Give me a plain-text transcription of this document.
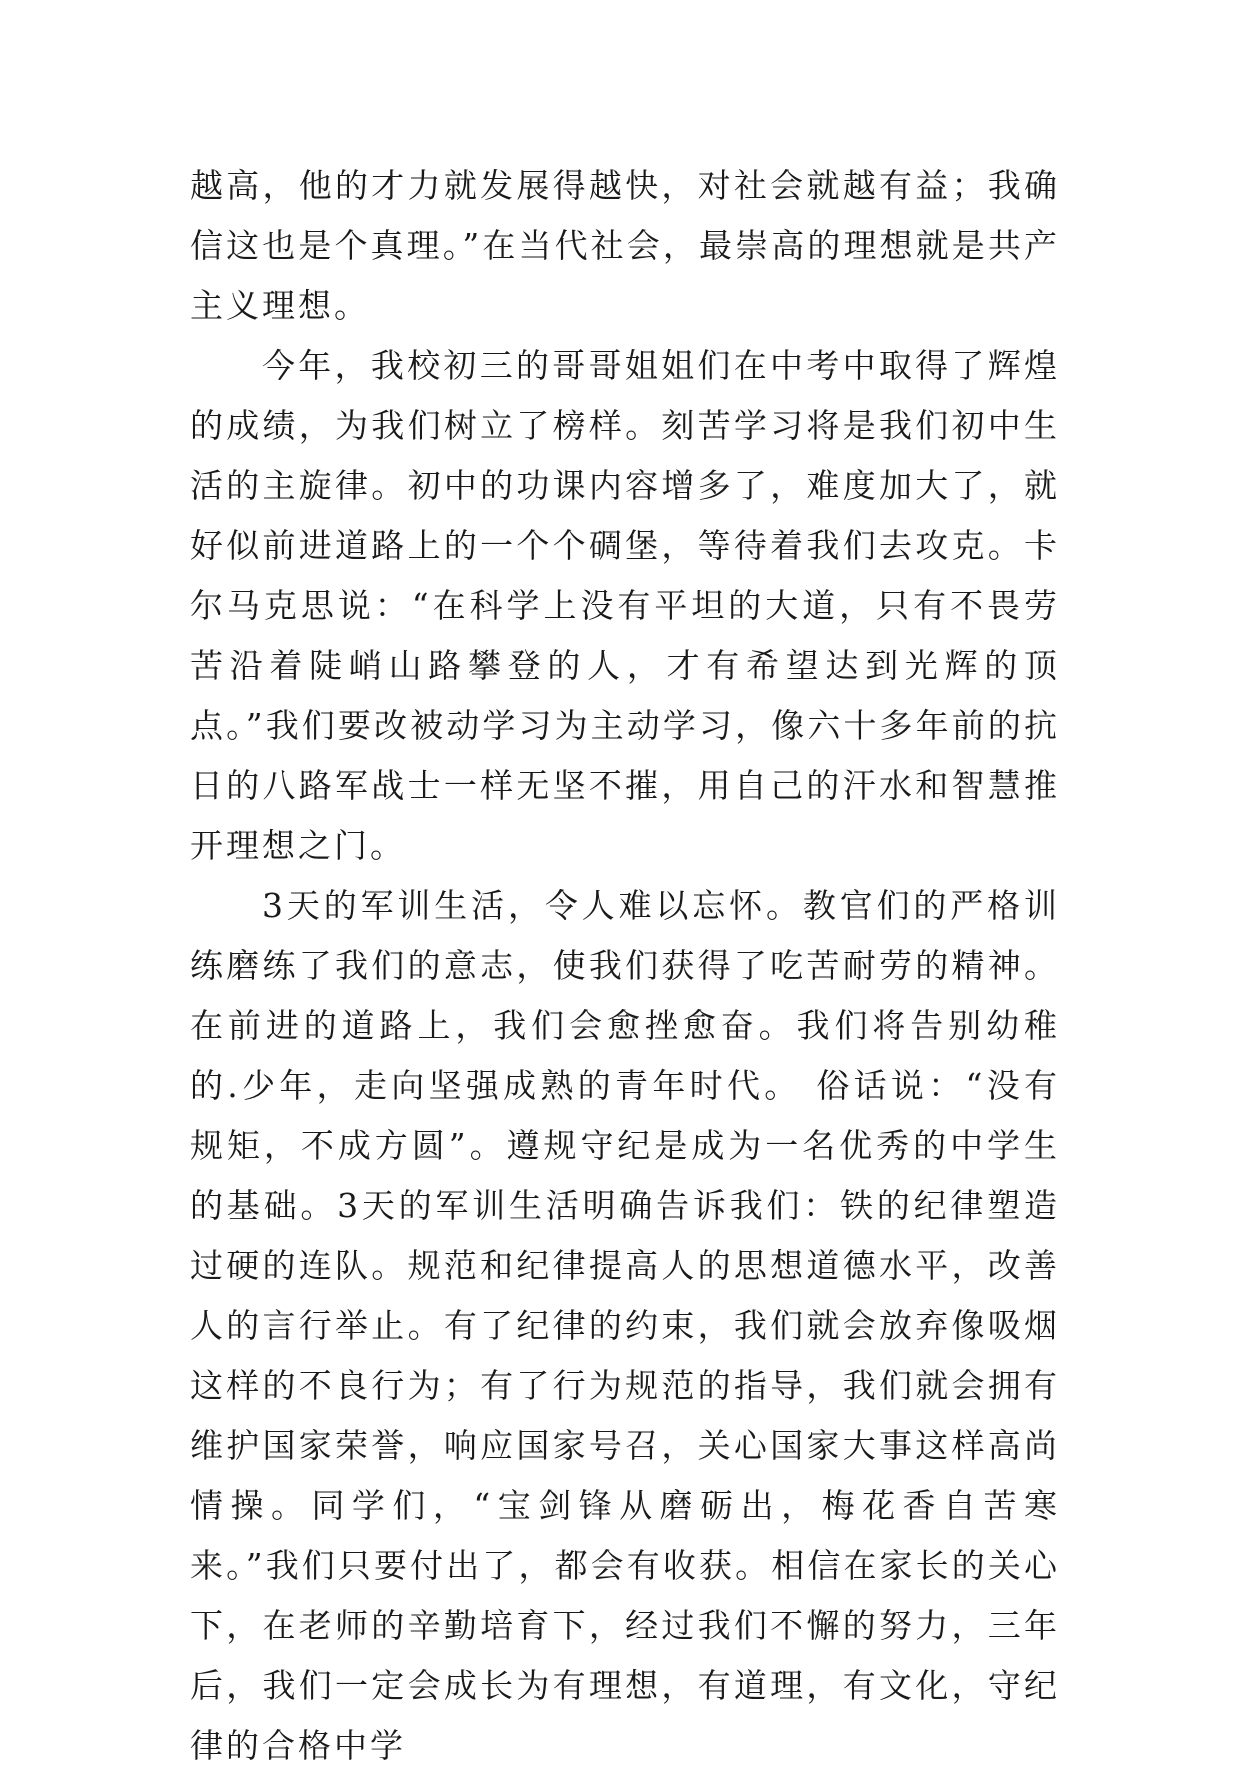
越高，他的才力就发展得越快，对社会就越有益；我确信这也是个真理。”在当代社会，最崇高的理想就是共产主义理想。

今年，我校初三的哥哥姐姐们在中考中取得了辉煌的成绩，为我们树立了榜样。刻苦学习将是我们初中生活的主旋律。初中的功课内容增多了，难度加大了，就好似前进道路上的一个个碉堡，等待着我们去攻克。卡尔马克思说：“在科学上没有平坦的大道，只有不畏劳苦沿着陡峭山路攀登的人，才有希望达到光辉的顶点。”我们要改被动学习为主动学习，像六十多年前的抗日的八路军战士一样无坚不摧，用自己的汗水和智慧推开理想之门。

3天的军训生活，令人难以忘怀。教官们的严格训练磨练了我们的意志，使我们获得了吃苦耐劳的精神。在前进的道路上，我们会愈挫愈奋。我们将告别幼稚的.少年，走向坚强成熟的青年时代。 俗话说：“没有规矩，不成方圆”。遵规守纪是成为一名优秀的中学生的基础。3天的军训生活明确告诉我们：铁的纪律塑造过硬的连队。规范和纪律提高人的思想道德水平，改善人的言行举止。有了纪律的约束，我们就会放弃像吸烟这样的不良行为；有了行为规范的指导，我们就会拥有维护国家荣誉，响应国家号召，关心国家大事这样高尚情操。同学们，“宝剑锋从磨砺出，梅花香自苦寒来。”我们只要付出了，都会有收获。相信在家长的关心下，在老师的辛勤培育下，经过我们不懈的努力，三年后，我们一定会成长为有理想，有道理，有文化，守纪律的合格中学
